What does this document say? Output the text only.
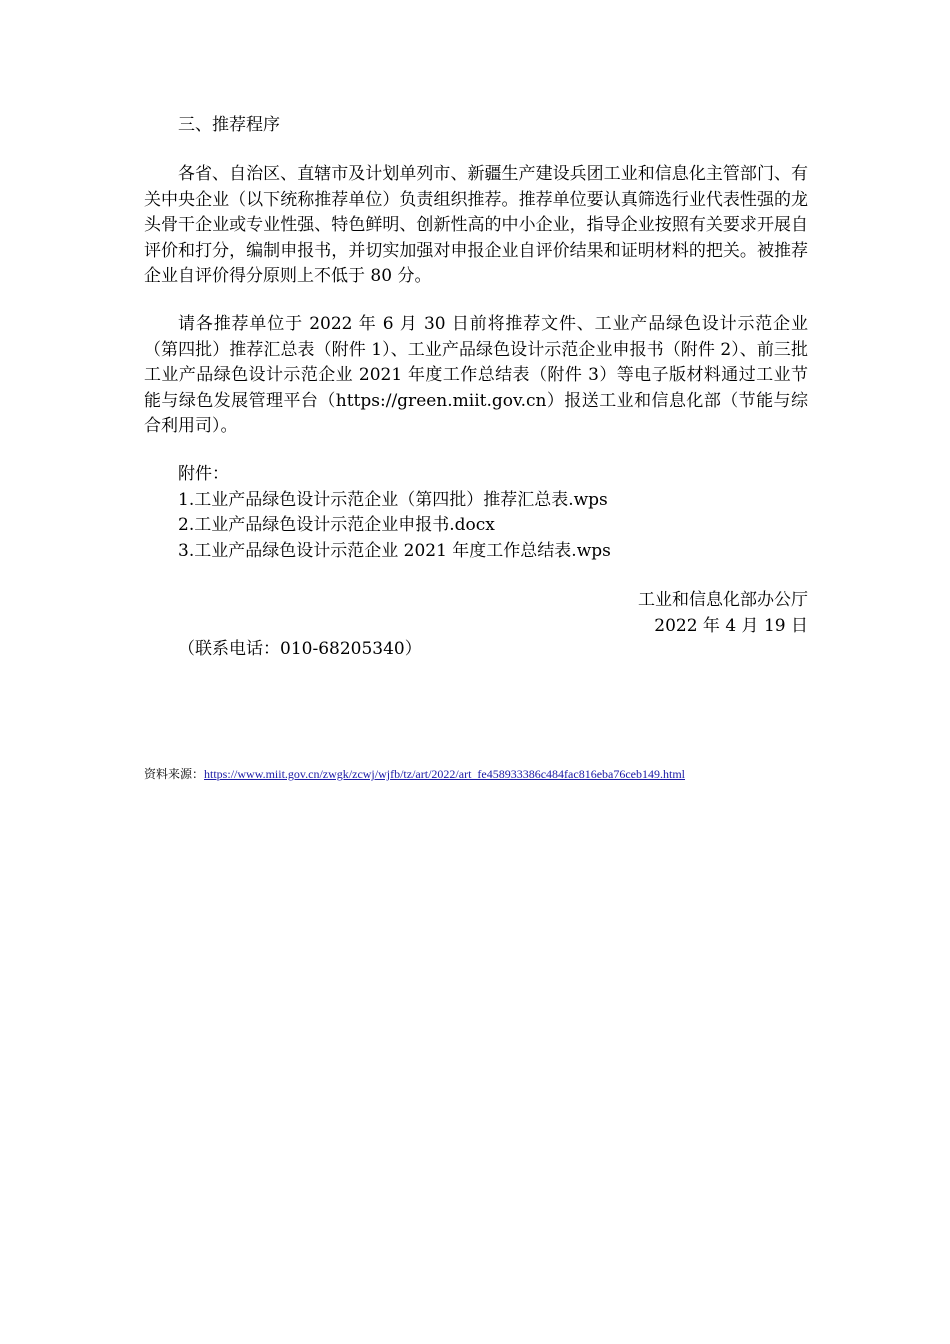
三、推荐程序
各省、自治区、直辖市及计划单列市、新疆生产建设兵团工业和信息化主管部门、有关中央企业（以下统称推荐单位）负责组织推荐。推荐单位要认真筛选行业代表性强的龙头骨干企业或专业性强、特色鲜明、创新性高的中小企业，指导企业按照有关要求开展自评价和打分，编制申报书，并切实加强对申报企业自评价结果和证明材料的把关。被推荐企业自评价得分原则上不低于 80 分。
请各推荐单位于 2022 年 6 月 30 日前将推荐文件、工业产品绿色设计示范企业（第四批）推荐汇总表（附件 1）、工业产品绿色设计示范企业申报书（附件 2）、前三批工业产品绿色设计示范企业 2021 年度工作总结表（附件 3）等电子版材料通过工业节能与绿色发展管理平台（https://green.miit.gov.cn）报送工业和信息化部（节能与综合利用司）。
附件：
1.工业产品绿色设计示范企业（第四批）推荐汇总表.wps
2.工业产品绿色设计示范企业申报书.docx
3.工业产品绿色设计示范企业 2021 年度工作总结表.wps
工业和信息化部办公厅
2022 年 4 月 19 日
（联系电话：010-68205340）
资料来源：https://www.miit.gov.cn/zwgk/zcwj/wjfb/tz/art/2022/art_fe458933386c484fac816eba76ceb149.html
